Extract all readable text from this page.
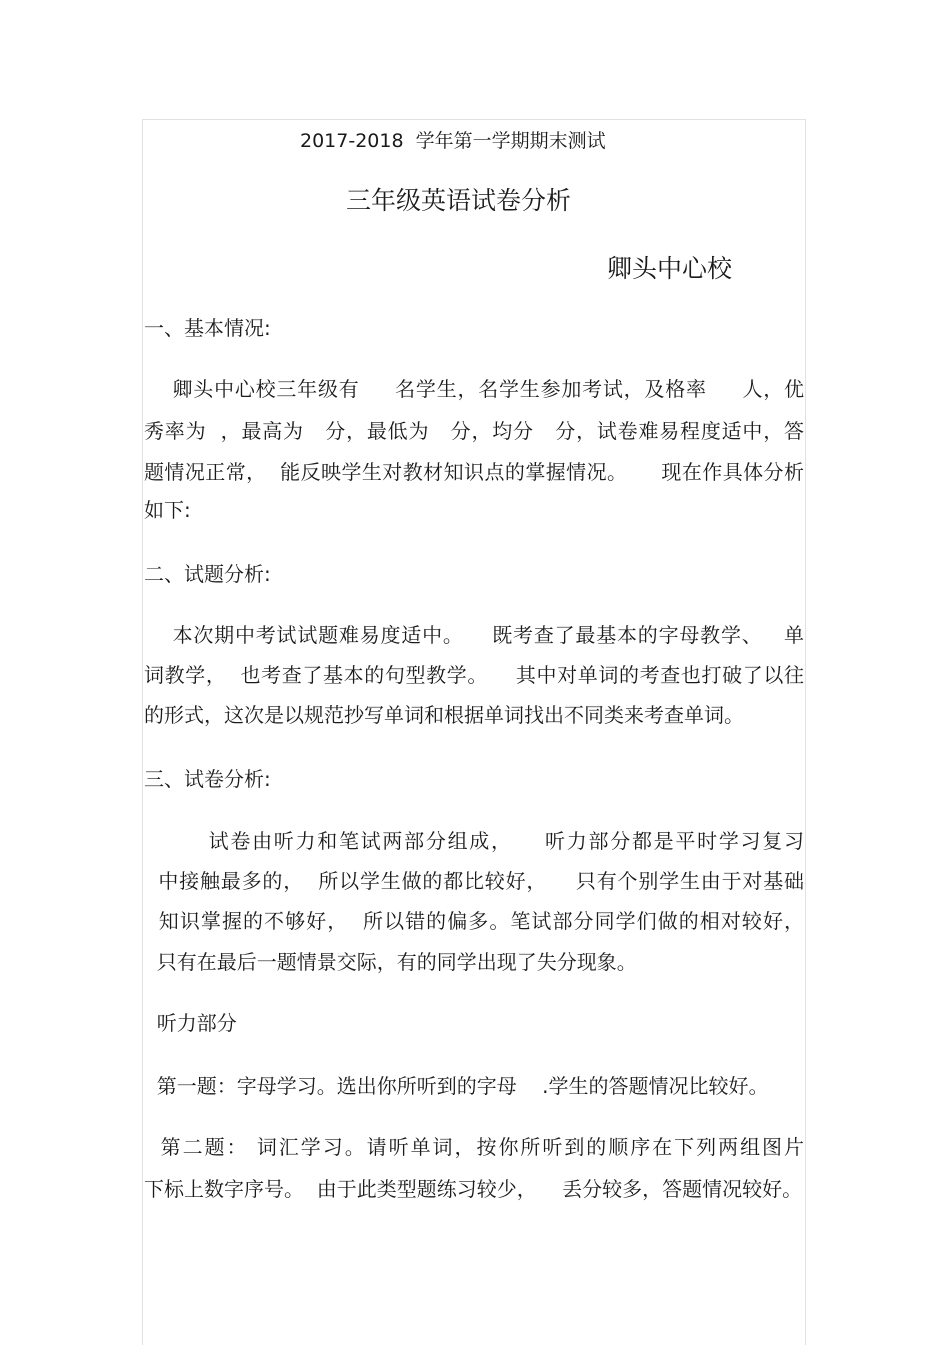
2017-2018  学年第一学期期末测试
三年级英语试卷分析
卿头中心校
一、基本情况:
卿头中心校三年级有     名学生，名学生参加考试，及格率     人，优
秀率为  ，最高为   分，最低为   分，均分   分，试卷难易程度适中，答
题情况正常，  能反映学生对教材知识点的掌握情况。     现在作具体分析
如下:
二、试题分析:
本次期中考试试题难易度适中。    既考查了最基本的字母教学、   单
词教学，  也考查了基本的句型教学。    其中对单词的考查也打破了以往
的形式，这次是以规范抄写单词和根据单词找出不同类来考查单词。
三、试卷分析:
试卷由听力和笔试两部分组成，    听力部分都是平时学习复习
中接触最多的，  所以学生做的都比较好，    只有个别学生由于对基础
知识掌握的不够好，  所以错的偏多。笔试部分同学们做的相对较好，
只有在最后一题情景交际，有的同学出现了失分现象。
听力部分
第一题：字母学习。选出你所听到的字母    .学生的答题情况比较好。
第二题： 词汇学习。请听单词，按你所听到的顺序在下列两组图片
下标上数字序号。  由于此类型题练习较少，    丢分较多，答题情况较好。
